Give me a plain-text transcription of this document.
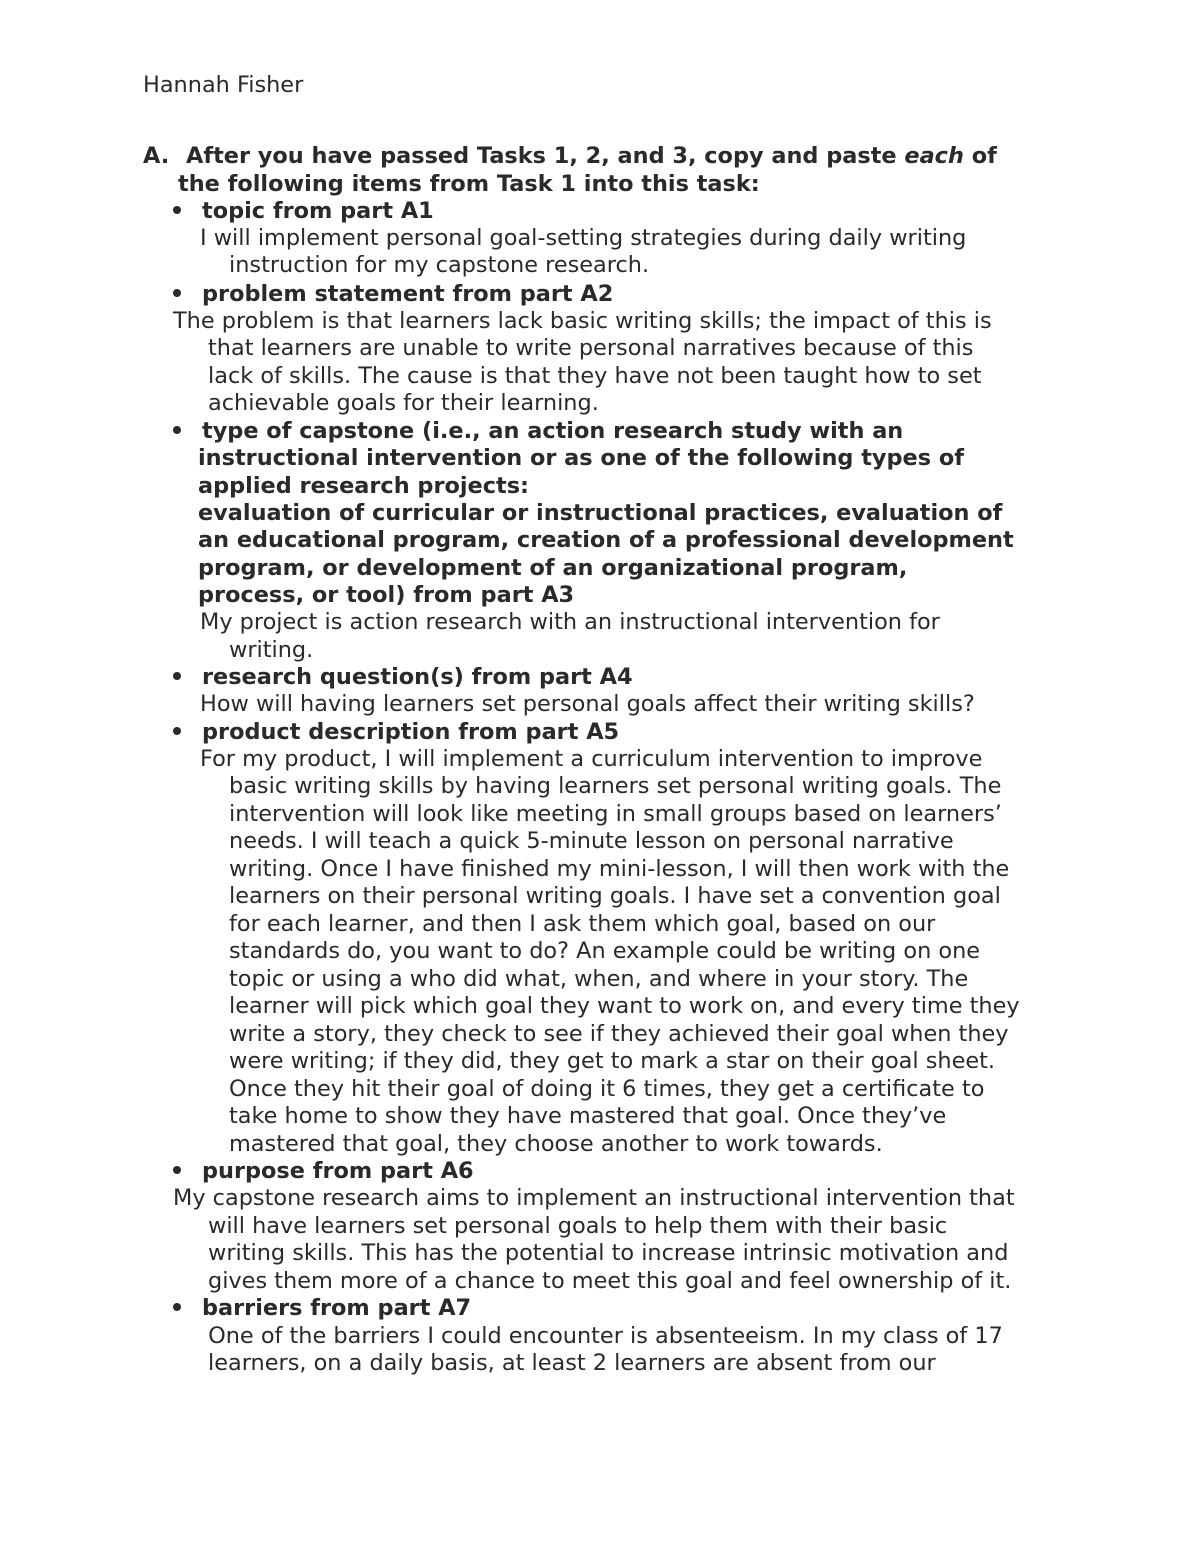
Hannah Fisher
A. After you have passed Tasks 1, 2, and 3, copy and paste each of
the following items from Task 1 into this task:
topic from part A1
I will implement personal goal-setting strategies during daily writing
instruction for my capstone research.
problem statement from part A2
The problem is that learners lack basic writing skills; the impact of this is
that learners are unable to write personal narratives because of this
lack of skills. The cause is that they have not been taught how to set
achievable goals for their learning.
type of capstone (i.e., an action research study with an
instructional intervention or as one of the following types of
applied research projects:
evaluation of curricular or instructional practices, evaluation of
an educational program, creation of a professional development
program, or development of an organizational program,
process, or tool) from part A3
My project is action research with an instructional intervention for
writing.
research question(s) from part A4
How will having learners set personal goals affect their writing skills?
product description from part A5
For my product, I will implement a curriculum intervention to improve
basic writing skills by having learners set personal writing goals. The
intervention will look like meeting in small groups based on learners’
needs. I will teach a quick 5-minute lesson on personal narrative
writing. Once I have finished my mini-lesson, I will then work with the
learners on their personal writing goals. I have set a convention goal
for each learner, and then I ask them which goal, based on our
standards do, you want to do? An example could be writing on one
topic or using a who did what, when, and where in your story. The
learner will pick which goal they want to work on, and every time they
write a story, they check to see if they achieved their goal when they
were writing; if they did, they get to mark a star on their goal sheet.
Once they hit their goal of doing it 6 times, they get a certificate to
take home to show they have mastered that goal. Once they’ve
mastered that goal, they choose another to work towards.
purpose from part A6
My capstone research aims to implement an instructional intervention that
will have learners set personal goals to help them with their basic
writing skills. This has the potential to increase intrinsic motivation and
gives them more of a chance to meet this goal and feel ownership of it.
barriers from part A7
One of the barriers I could encounter is absenteeism. In my class of 17
learners, on a daily basis, at least 2 learners are absent from our
